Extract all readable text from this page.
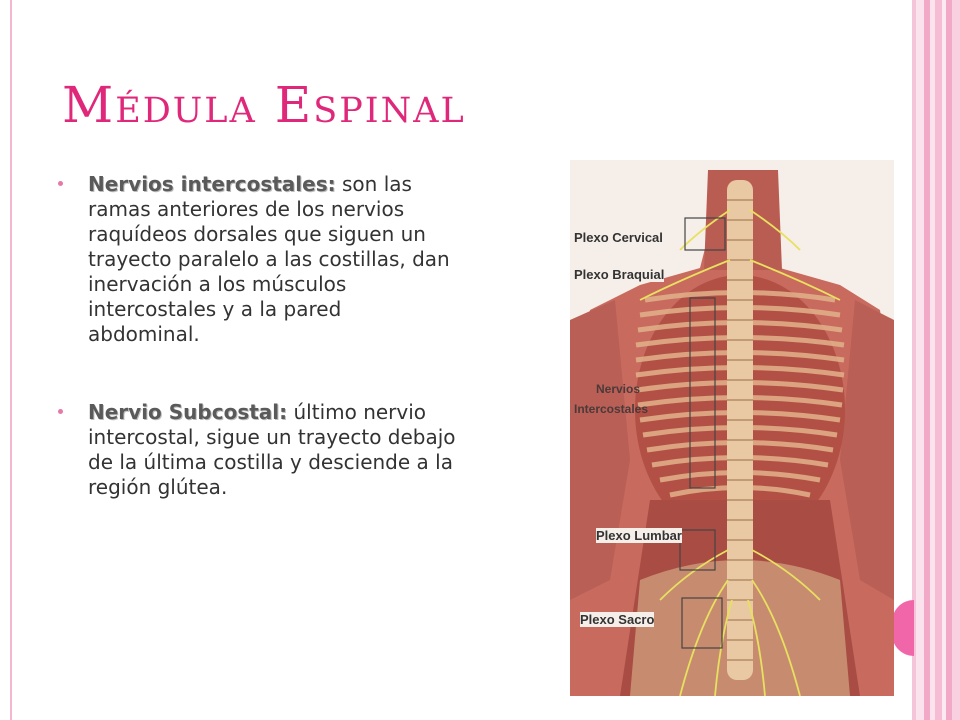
Médula Espinal
Nervios intercostales: son las ramas anteriores de los nervios raquídeos dorsales que siguen un trayecto paralelo a las costillas, dan inervación a los músculos intercostales y a la pared abdominal.
Nervio Subcostal: último nervio intercostal, sigue un trayecto debajo de la última costilla y desciende a la región glútea.
Plexo Cervical
Plexo Braquial
Nervios
Intercostales
Plexo Lumbar
Plexo Sacro
